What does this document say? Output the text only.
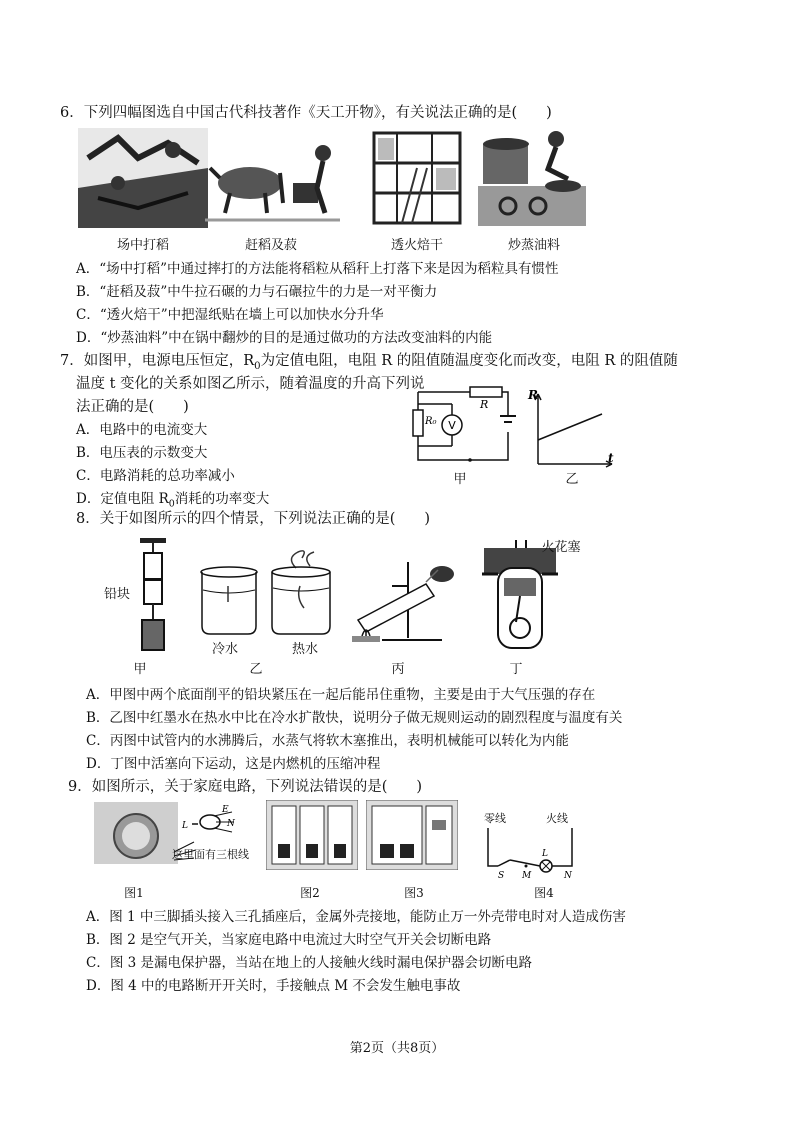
6．下列四幅图选自中国古代科技著作《天工开物》，有关说法正确的是(　　)
场中打稻	赶稻及菽	透火焙干	炒蒸油料
A．“场中打稻”中通过摔打的方法能将稻粒从稻秆上打落下来是因为稻粒具有惯性
B．“赶稻及菽”中牛拉石碾的力与石碾拉牛的力是一对平衡力
C．“透火焙干”中把湿纸贴在墙上可以加快水分升华
D．“炒蒸油料”中在锅中翻炒的目的是通过做功的方法改变油料的内能
7．如图甲，电源电压恒定，$R_0$为定值电阻，电阻 R 的阻值随温度变化而改变，电阻 R 的阻值随
温度 t 变化的关系如图乙所示，随着温度的升高下列说
法正确的是(　　)
A．电路中的电流变大
B．电压表的示数变大
C．电路消耗的总功率减小
D．定值电阻 $R_0$消耗的功率变大
V
R₀
R
甲
R
t
乙
8．关于如图所示的四个情景，下列说法正确的是(　　)
铅块
冷水	热水
火花塞
甲	乙	丙	丁
A．甲图中两个底面削平的铅块紧压在一起后能吊住重物，主要是由于大气压强的存在
B．乙图中红墨水在热水中比在冷水扩散快，说明分子做无规则运动的剧烈程度与温度有关
C．丙图中试管内的水沸腾后，水蒸气将软木塞推出，表明机械能可以转化为内能
D．丁图中活塞向下运动，这是内燃机的压缩冲程
9．如图所示，关于家庭电路，下列说法错误的是(　　)
L
E
N
这里面有三根线
S M	N
L
零线	火线
图1	图2	图3	图4
A．图 1 中三脚插头接入三孔插座后，金属外壳接地，能防止万一外壳带电时对人造成伤害
B．图 2 是空气开关，当家庭电路中电流过大时空气开关会切断电路
C．图 3 是漏电保护器，当站在地上的人接触火线时漏电保护器会切断电路
D．图 4 中的电路断开开关时，手接触点 M 不会发生触电事故
第2页（共8页）
